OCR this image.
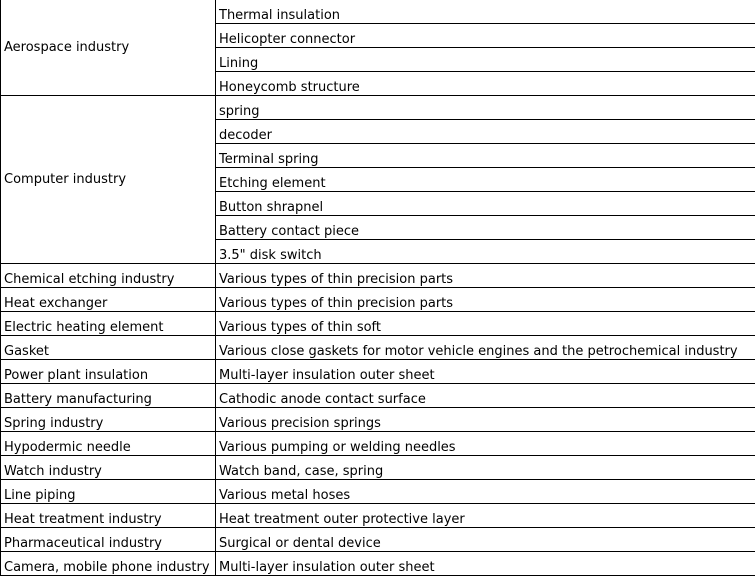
Aerospace industry	Thermal insulation
	Helicopter connector
	Lining
	Honeycomb structure
Computer industry	spring
	decoder
	Terminal spring
	Etching element
	Button shrapnel
	Battery contact piece
	3.5" disk switch
Chemical etching industry	Various types of thin precision parts
Heat exchanger	Various types of thin precision parts
Electric heating element	Various types of thin soft
Gasket	Various close gaskets for motor vehicle engines and the petrochemical industry
Power plant insulation	Multi-layer insulation outer sheet
Battery manufacturing	Cathodic anode contact surface
Spring industry	Various precision springs
Hypodermic needle	Various pumping or welding needles
Watch industry	Watch band, case, spring
Line piping	Various metal hoses
Heat treatment industry	Heat treatment outer protective layer
Pharmaceutical industry	Surgical or dental device
Camera, mobile phone industry	Multi-layer insulation outer sheet
